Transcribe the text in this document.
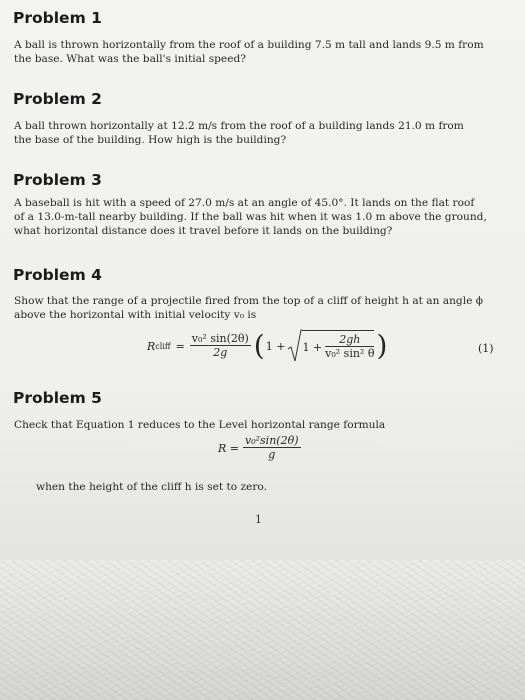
Problem 1
A ball is thrown horizontally from the roof of a building 7.5 m tall and lands 9.5 m from
the base. What was the ball's initial speed?
Problem 2
A ball thrown horizontally at 12.2 m/s from the roof of a building lands 21.0 m from
the base of the building. How high is the building?
Problem 3
A baseball is hit with a speed of 27.0 m/s at an angle of 45.0°. It lands on the flat roof
of a 13.0-m-tall nearby building. If the ball was hit when it was 1.0 m above the ground,
what horizontal distance does it travel before it lands on the building?
Problem 4
Show that the range of a projectile fired from the top of a cliff of height h at an angle ϕ
above the horizontal with initial velocity v₀ is
R cliff = $\frac{\text{v₀² sin(2θ)}}{2g}$ ( $1 + 1 + \frac{2gh}{\text{v₀² sin² θ}}$ )	(1)
Problem 5
Check that Equation 1 reduces to the Level horizontal range formula
$R = \frac{\text{v₀²sin(2θ)}}{g}$
when the height of the cliff h is set to zero.
1
